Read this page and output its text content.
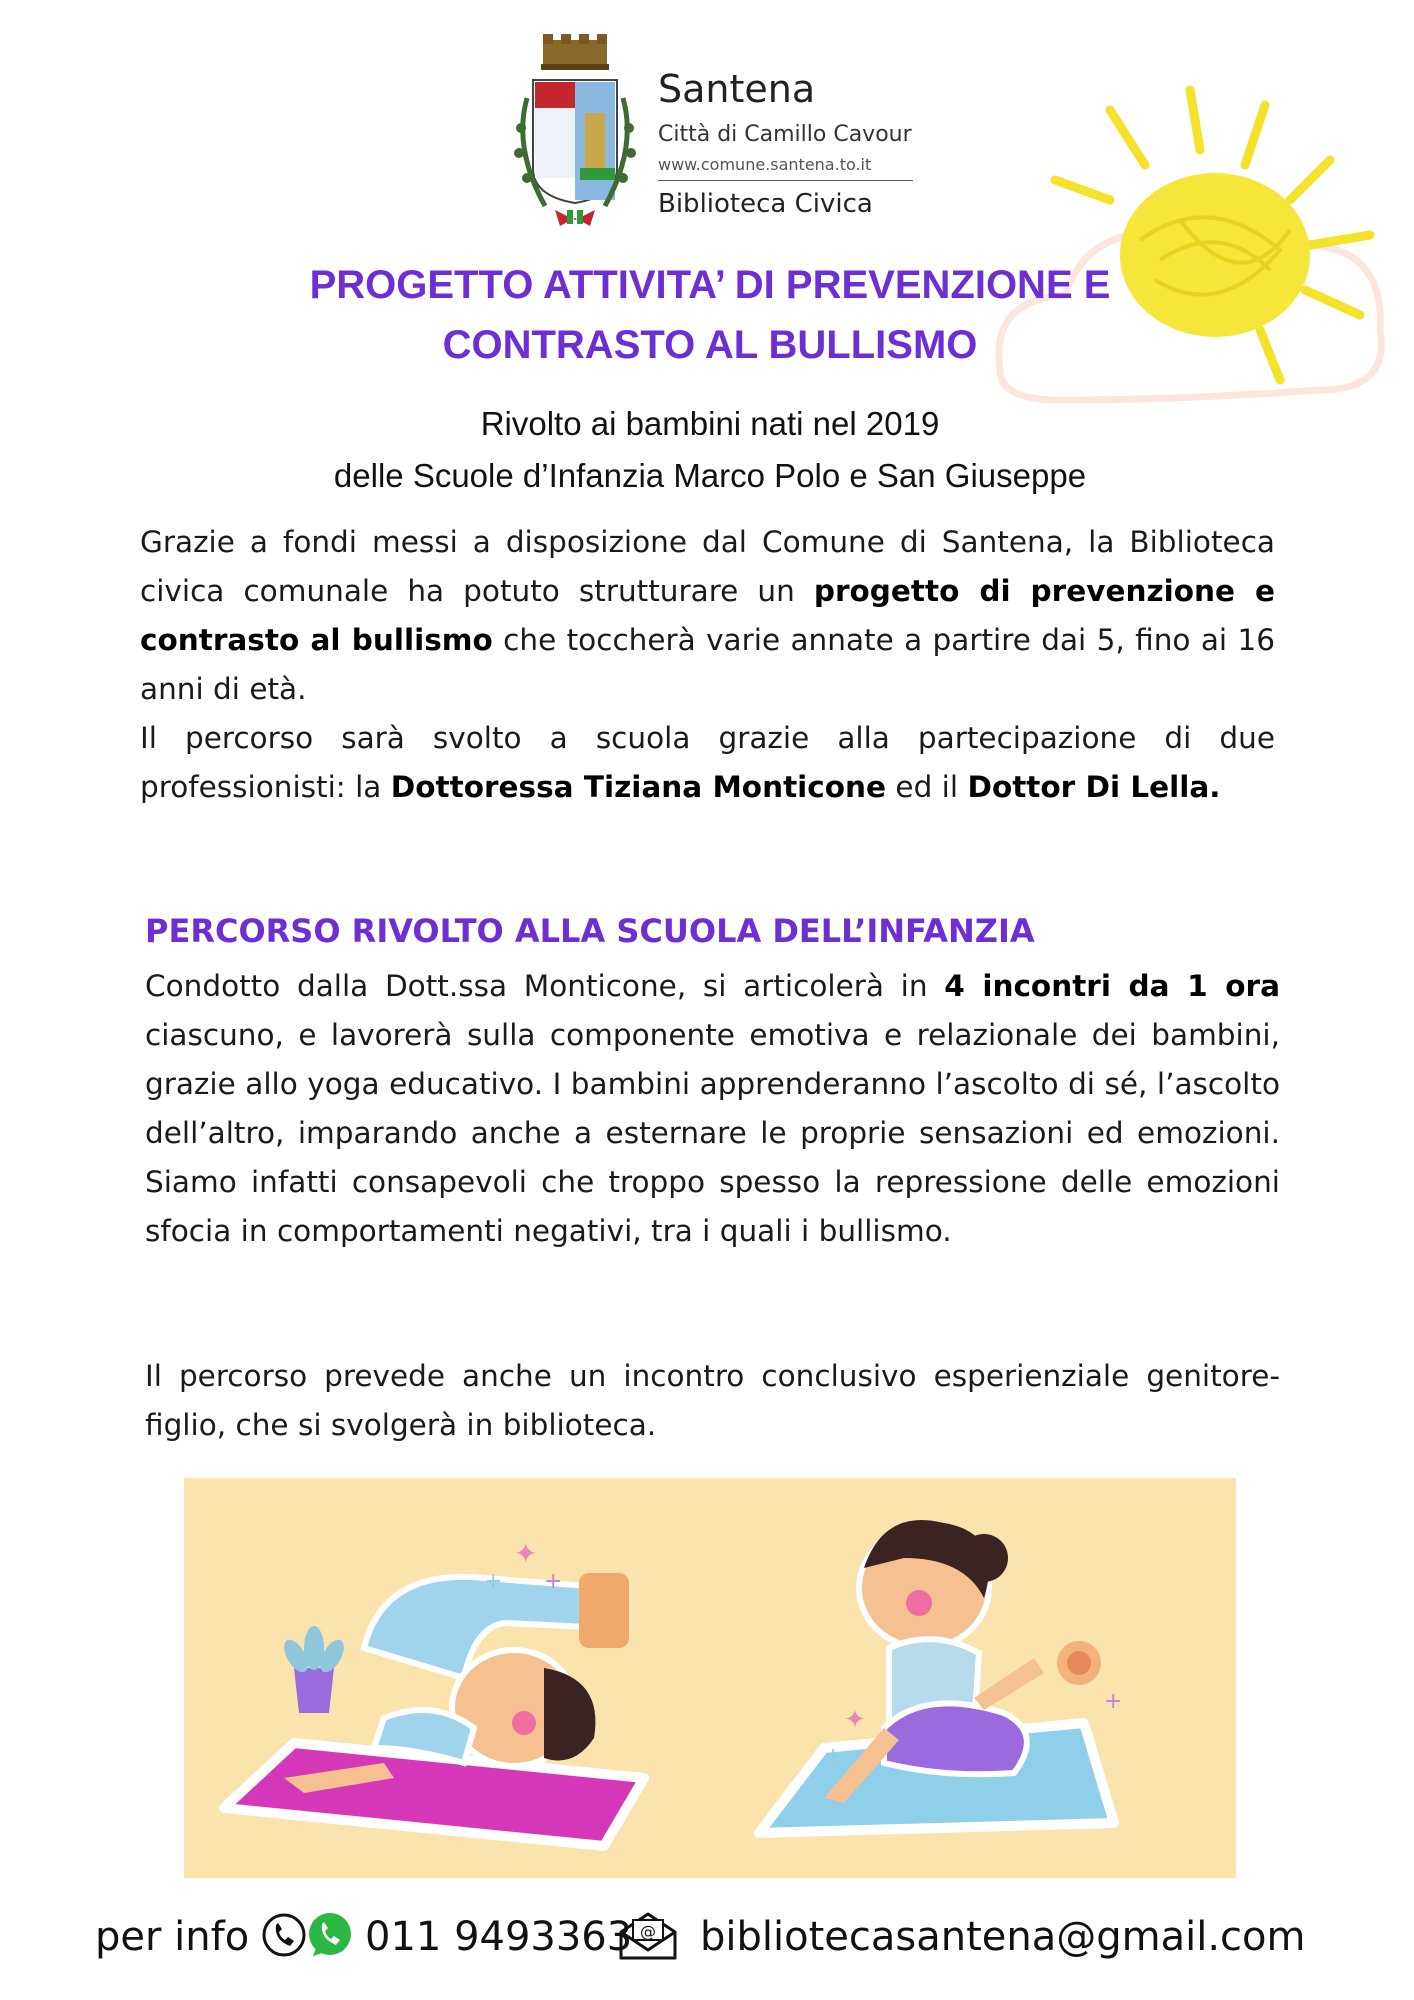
Santena
Città di Camillo Cavour
www.comune.santena.to.it
Biblioteca Civica
PROGETTO ATTIVITA’ DI PREVENZIONE E
CONTRASTO AL BULLISMO
Rivolto ai bambini nati nel 2019
delle Scuole d’Infanzia Marco Polo e San Giuseppe
Grazie a fondi messi a disposizione dal Comune di Santena, la Biblioteca civica comunale ha potuto strutturare un progetto di prevenzione e contrasto al bullismo che toccherà varie annate a partire dai 5, fino ai 16 anni di età.
Il percorso sarà svolto a scuola grazie alla partecipazione di due professionisti: la Dottoressa Tiziana Monticone ed il Dottor Di Lella.
PERCORSO RIVOLTO ALLA SCUOLA DELL’INFANZIA
Condotto dalla Dott.ssa Monticone, si articolerà in 4 incontri da 1 ora ciascuno, e lavorerà sulla componente emotiva e relazionale dei bambini, grazie allo yoga educativo. I bambini apprenderanno l’ascolto di sé, l’ascolto dell’altro, imparando anche a esternare le proprie sensazioni ed emozioni. Siamo infatti consapevoli che troppo spesso la repressione delle emozioni sfocia in comportamenti negativi, tra i quali i bullismo.
Il percorso prevede anche un incontro conclusivo esperienziale genitore- figlio, che si svolgerà in biblioteca.
✦
+ +
✦
+
+
per info	011 9493363 @ bibliotecasantena@gmail.com
